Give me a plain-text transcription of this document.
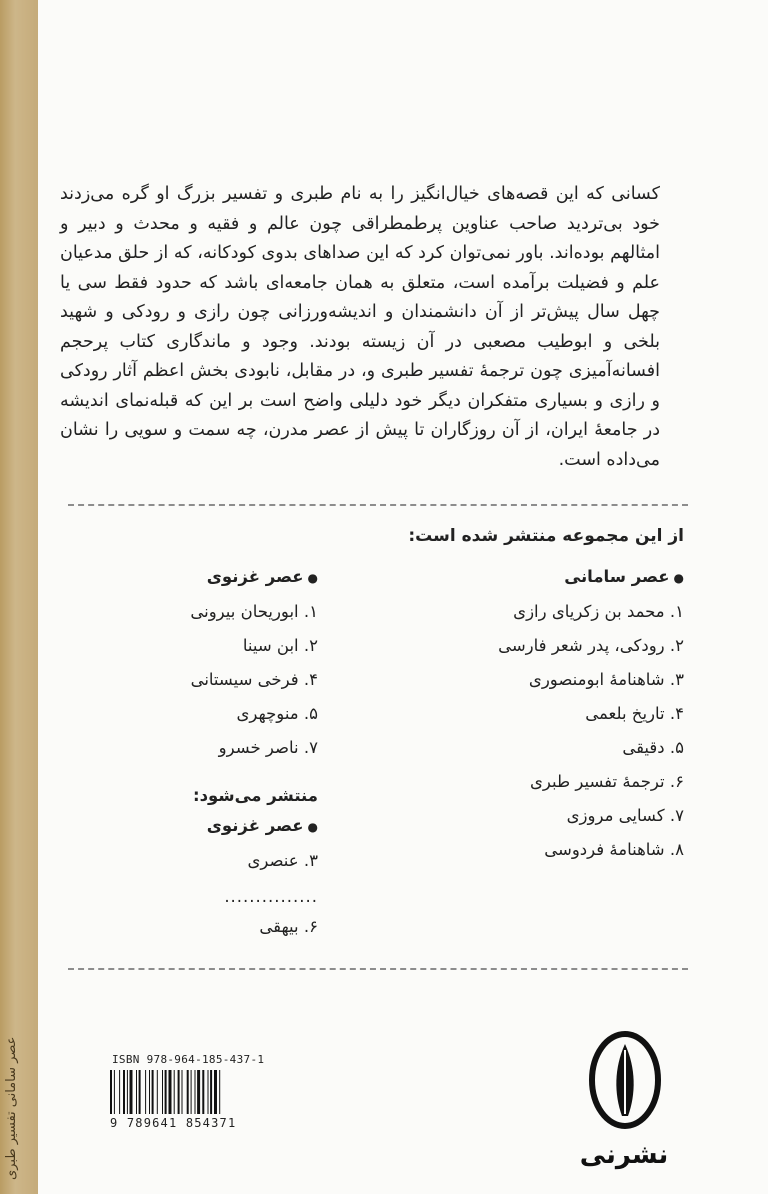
عصر سامانی تفسیر طبری

کسانی که این قصه‌های خیال‌انگیز را به نام طبری و تفسیر بزرگ او گره می‌زدند خود بی‌تردید صاحب عناوین پرطمطراقی چون عالم و فقیه و محدث و دبیر و امثالهم بوده‌اند. باور نمی‌توان کرد که این صداهای بدوی کودکانه، که از حلق مدعیان علم و فضیلت برآمده است، متعلق به همان جامعه‌ای باشد که حدود فقط سی یا چهل سال پیش‌تر از آن دانشمندان و اندیشه‌ورزانی چون رازی و رودکی و شهید بلخی و ابوطیب مصعبی در آن زیسته بودند. وجود و ماندگاری کتاب پرحجم افسانه‌آمیزی چون ترجمهٔ تفسیر طبری و، در مقابل، نابودی بخش اعظم آثار رودکی و رازی و بسیاری متفکران دیگر خود دلیلی واضح است بر این که قبله‌نمای اندیشه در جامعهٔ ایران، از آن روزگاران تا پیش از عصر مدرن، چه سمت و سویی را نشان می‌داده است.

از این مجموعه منتشر شده است:
●عصر سامانی
۱. محمد بن زکریای رازی
۲. رودکی، پدر شعر فارسی
۳. شاهنامهٔ ابومنصوری
۴. تاریخ بلعمی
۵. دقیقی
۶. ترجمهٔ تفسیر طبری
۷. کسایی مروزی
۸. شاهنامهٔ فردوسی
●عصر غزنوی
۱. ابوریحان بیرونی
۲. ابن سینا
۴. فرخی سیستانی
۵. منوچهری
۷. ناصر خسرو
منتشر می‌شود:
●عصر غزنوی
۳. عنصری
...............
۶. بیهقی
ISBN 978-964-185-437-1
9 789641 854371
نشرنی
